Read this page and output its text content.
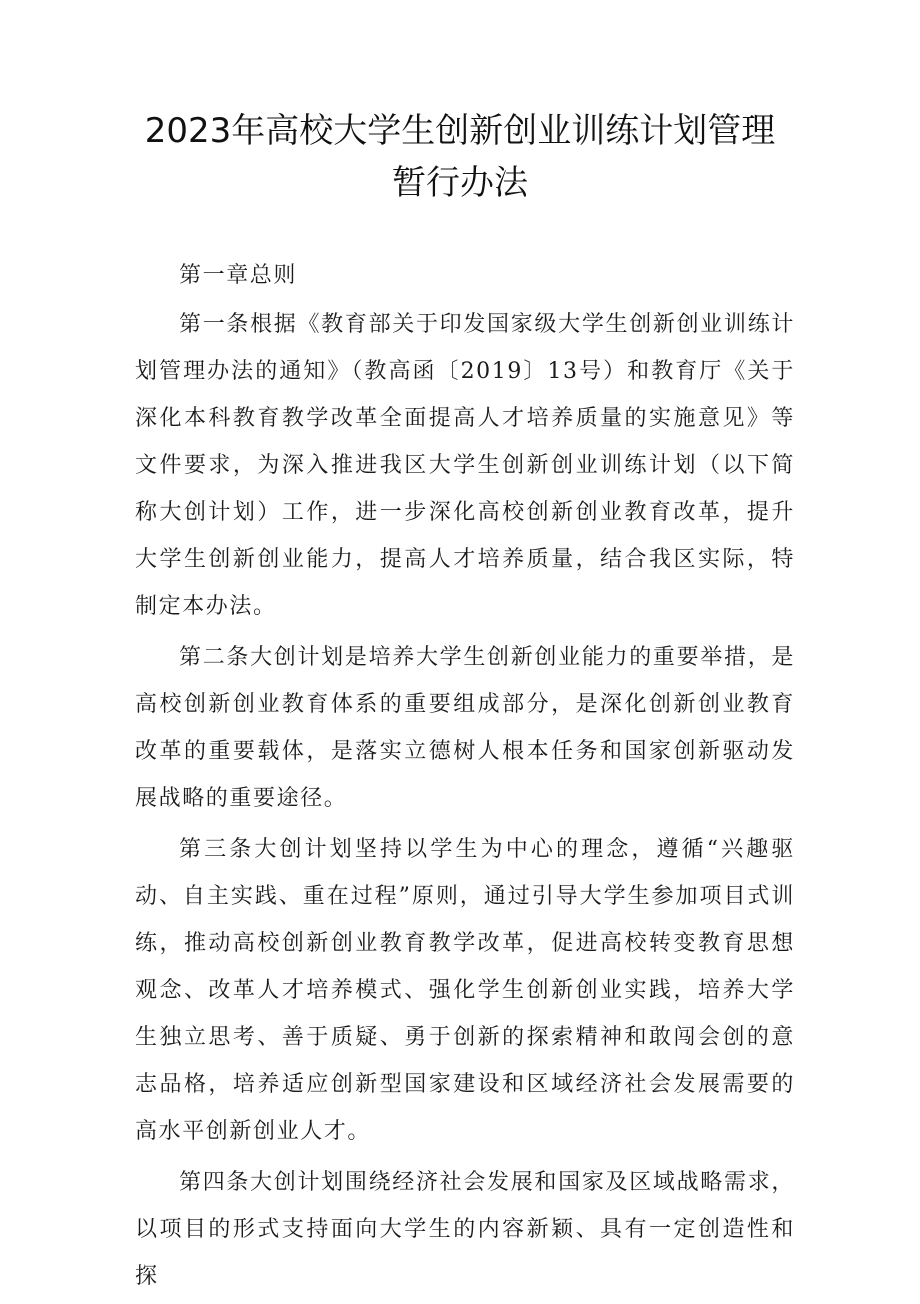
2023年高校大学生创新创业训练计划管理
暂行办法

第一章总则

第一条根据《教育部关于印发国家级大学生创新创业训练计划管理办法的通知》（教高函〔2019〕13号）和教育厅《关于深化本科教育教学改革全面提高人才培养质量的实施意见》等文件要求，为深入推进我区大学生创新创业训练计划（以下简称大创计划）工作，进一步深化高校创新创业教育改革，提升大学生创新创业能力，提高人才培养质量，结合我区实际，特制定本办法。

第二条大创计划是培养大学生创新创业能力的重要举措，是高校创新创业教育体系的重要组成部分，是深化创新创业教育改革的重要载体，是落实立德树人根本任务和国家创新驱动发展战略的重要途径。

第三条大创计划坚持以学生为中心的理念，遵循“兴趣驱动、自主实践、重在过程”原则，通过引导大学生参加项目式训练，推动高校创新创业教育教学改革，促进高校转变教育思想观念、改革人才培养模式、强化学生创新创业实践，培养大学生独立思考、善于质疑、勇于创新的探索精神和敢闯会创的意志品格，培养适应创新型国家建设和区域经济社会发展需要的高水平创新创业人才。

第四条大创计划围绕经济社会发展和国家及区域战略需求，以项目的形式支持面向大学生的内容新颖、具有一定创造性和探
